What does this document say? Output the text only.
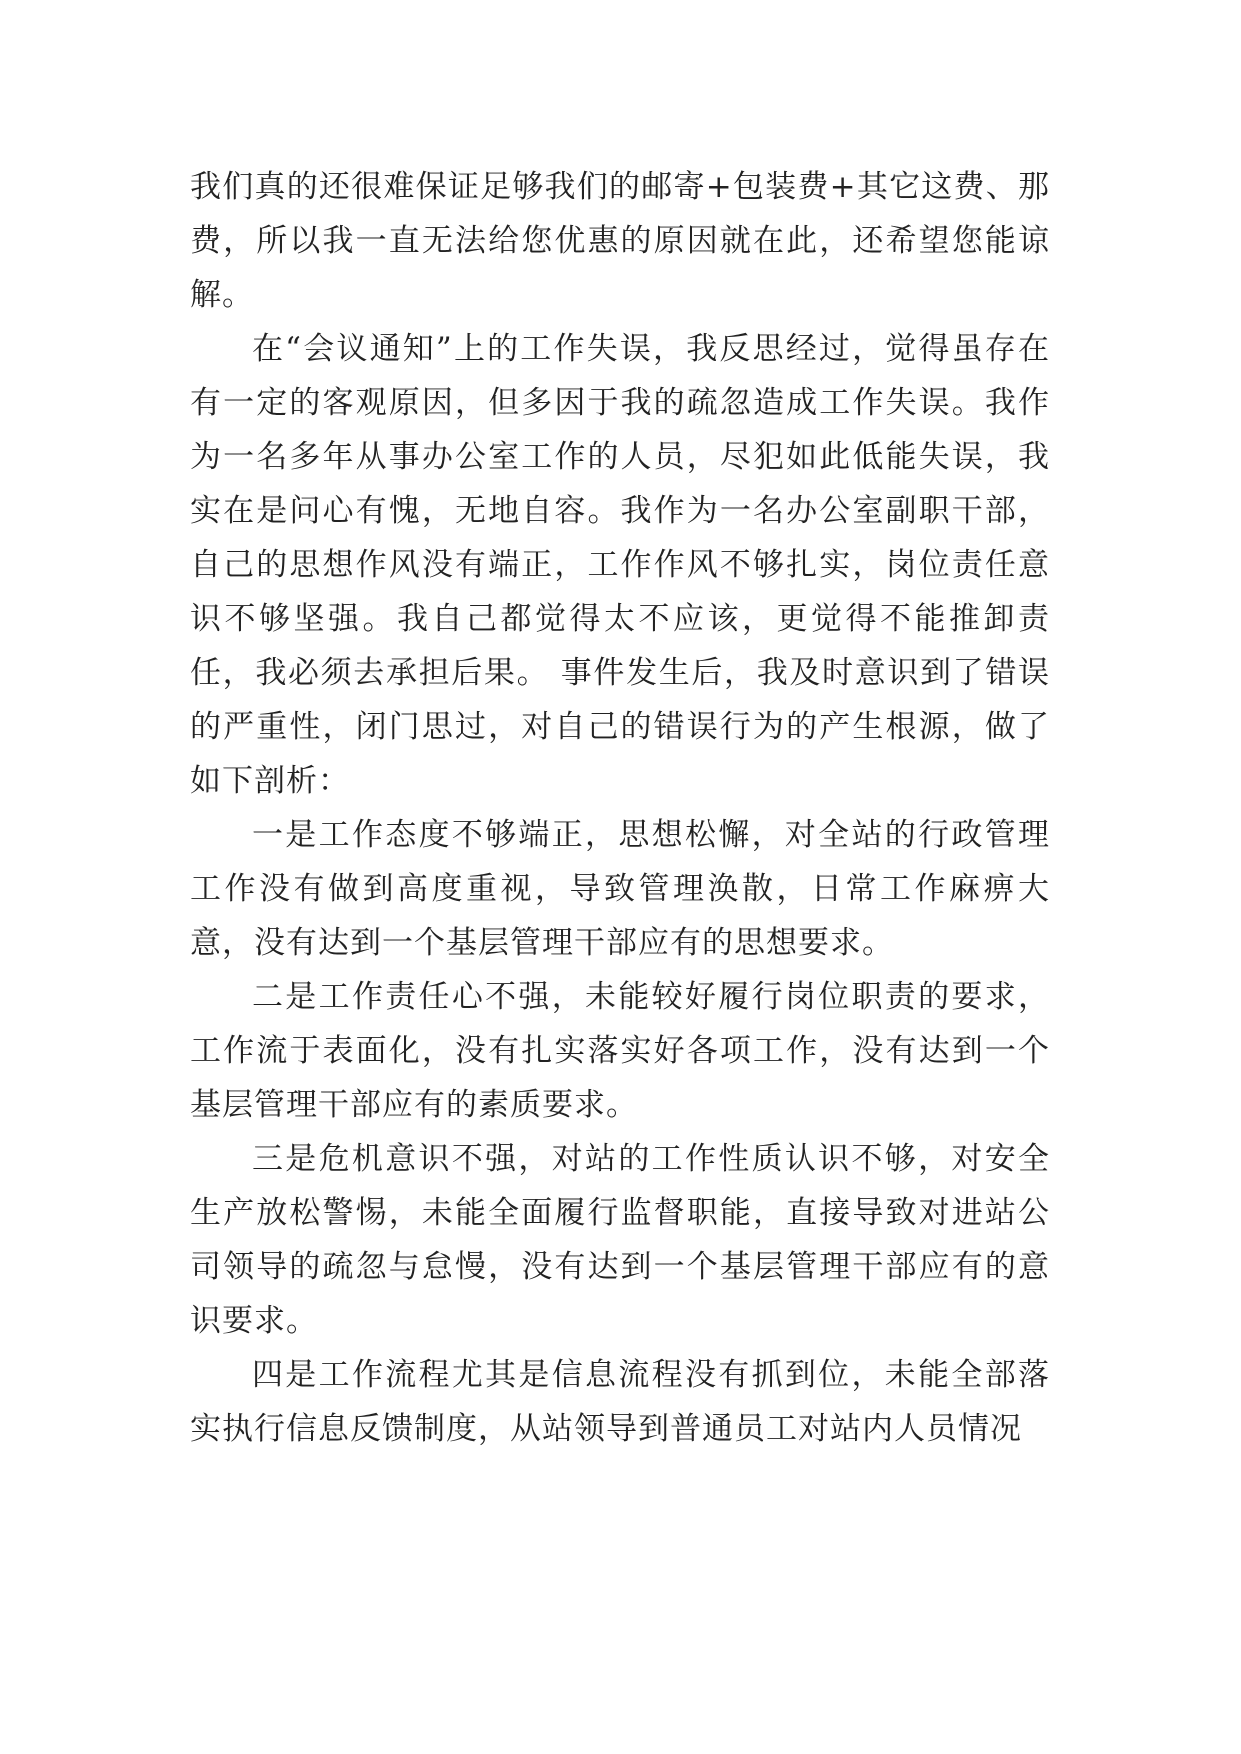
我们真的还很难保证足够我们的邮寄+包装费+其它这费、那费，所以我一直无法给您优惠的原因就在此，还希望您能谅解。

在“会议通知”上的工作失误，我反思经过，觉得虽存在有一定的客观原因，但多因于我的疏忽造成工作失误。我作为一名多年从事办公室工作的人员，尽犯如此低能失误，我实在是问心有愧，无地自容。我作为一名办公室副职干部，自己的思想作风没有端正，工作作风不够扎实，岗位责任意识不够坚强。我自己都觉得太不应该，更觉得不能推卸责任，我必须去承担后果。 事件发生后，我及时意识到了错误的严重性，闭门思过，对自己的错误行为的产生根源，做了如下剖析：

一是工作态度不够端正，思想松懈，对全站的行政管理工作没有做到高度重视，导致管理涣散，日常工作麻痹大意，没有达到一个基层管理干部应有的思想要求。

二是工作责任心不强，未能较好履行岗位职责的要求，工作流于表面化，没有扎实落实好各项工作，没有达到一个基层管理干部应有的素质要求。

三是危机意识不强，对站的工作性质认识不够，对安全生产放松警惕，未能全面履行监督职能，直接导致对进站公司领导的疏忽与怠慢，没有达到一个基层管理干部应有的意识要求。

四是工作流程尤其是信息流程没有抓到位，未能全部落实执行信息反馈制度，从站领导到普通员工对站内人员情况
